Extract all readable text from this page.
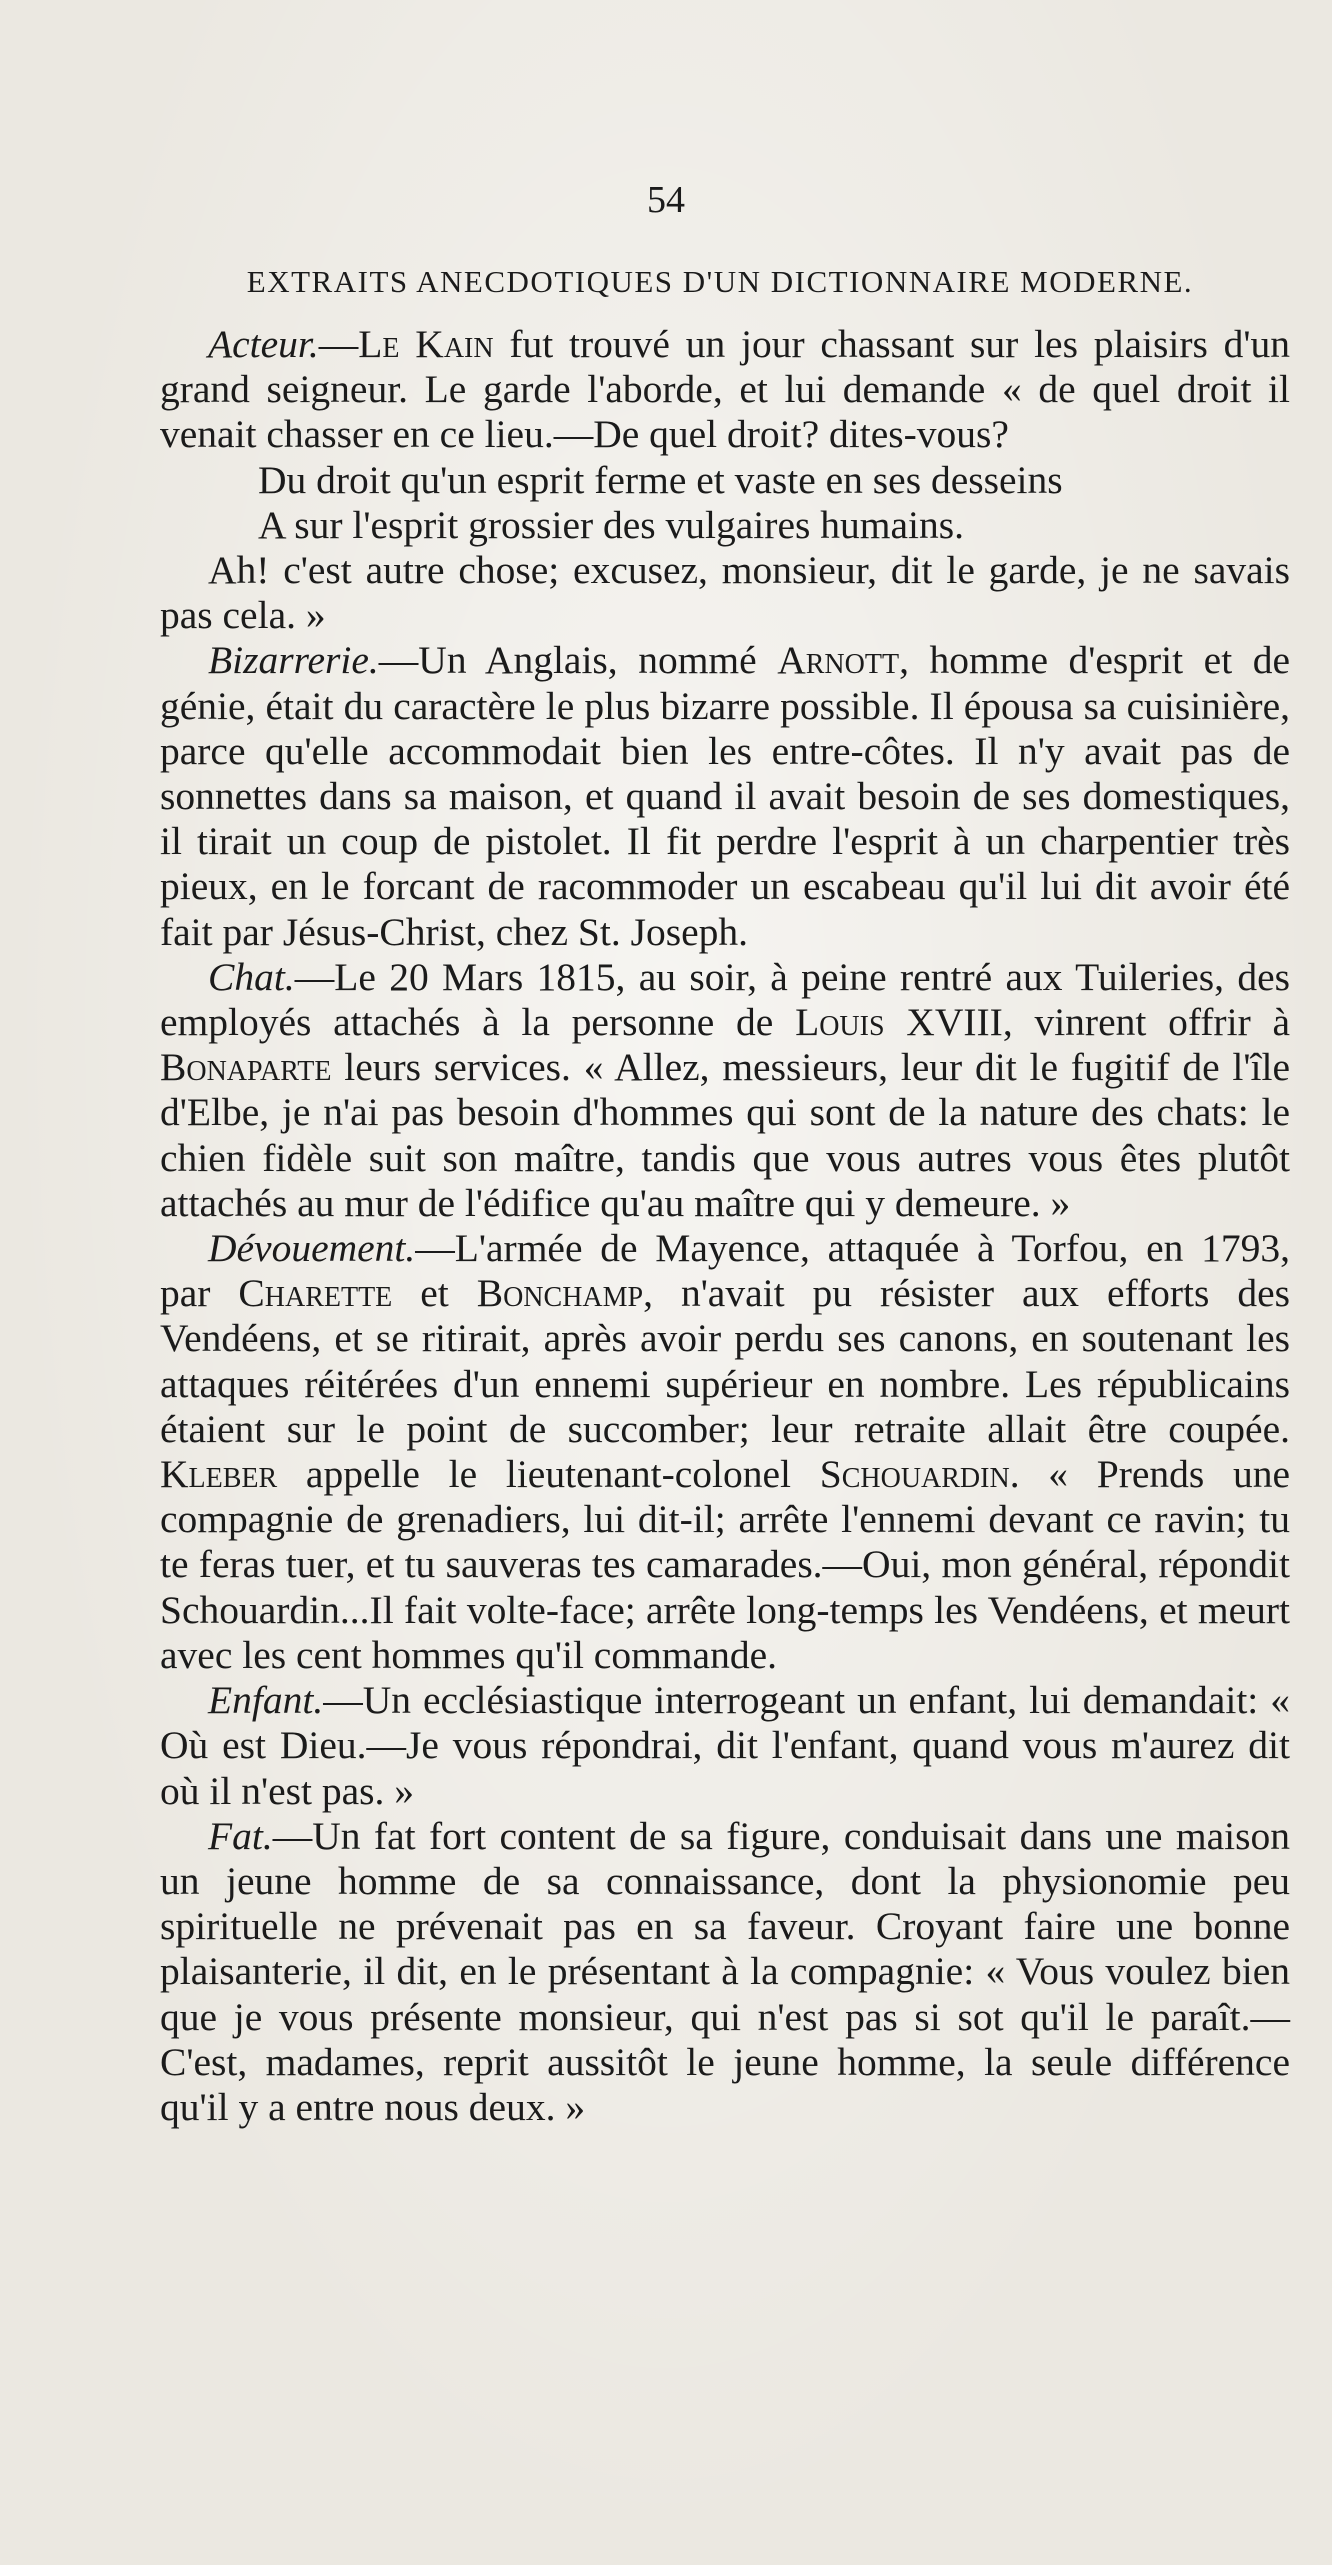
54
EXTRAITS ANECDOTIQUES D'UN DICTIONNAIRE MODERNE.

Acteur.—Le Kain fut trouvé un jour chassant sur les plaisirs d'un grand seigneur. Le garde l'aborde, et lui demande « de quel droit il venait chasser en ce lieu.—De quel droit? dites-vous?

Du droit qu'un esprit ferme et vaste en ses desseins
A sur l'esprit grossier des vulgaires humains.

Ah! c'est autre chose; excusez, monsieur, dit le garde, je ne savais pas cela. »

Bizarrerie.—Un Anglais, nommé Arnott, homme d'esprit et de génie, était du caractère le plus bizarre possible. Il épousa sa cuisinière, parce qu'elle accommodait bien les entre-côtes. Il n'y avait pas de sonnettes dans sa maison, et quand il avait besoin de ses domestiques, il tirait un coup de pistolet. Il fit perdre l'esprit à un charpentier très pieux, en le forcant de racommoder un escabeau qu'il lui dit avoir été fait par Jésus-Christ, chez St. Joseph.

Chat.—Le 20 Mars 1815, au soir, à peine rentré aux Tuileries, des employés attachés à la personne de Louis XVIII, vinrent offrir à Bonaparte leurs services. « Allez, messieurs, leur dit le fugitif de l'île d'Elbe, je n'ai pas besoin d'hommes qui sont de la nature des chats: le chien fidèle suit son maître, tandis que vous autres vous êtes plutôt attachés au mur de l'édifice qu'au maître qui y demeure. »

Dévouement.—L'armée de Mayence, attaquée à Torfou, en 1793, par Charette et Bonchamp, n'avait pu résister aux efforts des Vendéens, et se ritirait, après avoir perdu ses canons, en soutenant les attaques réitérées d'un ennemi supérieur en nombre. Les républicains étaient sur le point de succomber; leur retraite allait être coupée. Kleber appelle le lieutenant-colonel Schouardin. « Prends une compagnie de grenadiers, lui dit-il; arrête l'ennemi devant ce ravin; tu te feras tuer, et tu sauveras tes camarades.—Oui, mon général, répondit Schouardin...Il fait volte-face; arrête long-temps les Vendéens, et meurt avec les cent hommes qu'il commande.

Enfant.—Un ecclésiastique interrogeant un enfant, lui demandait: « Où est Dieu.—Je vous répondrai, dit l'enfant, quand vous m'aurez dit où il n'est pas. »

Fat.—Un fat fort content de sa figure, conduisait dans une maison un jeune homme de sa connaissance, dont la physionomie peu spirituelle ne prévenait pas en sa faveur. Croyant faire une bonne plaisanterie, il dit, en le présentant à la compagnie: « Vous voulez bien que je vous présente monsieur, qui n'est pas si sot qu'il le paraît.—C'est, madames, reprit aussitôt le jeune homme, la seule différence qu'il y a entre nous deux. »
